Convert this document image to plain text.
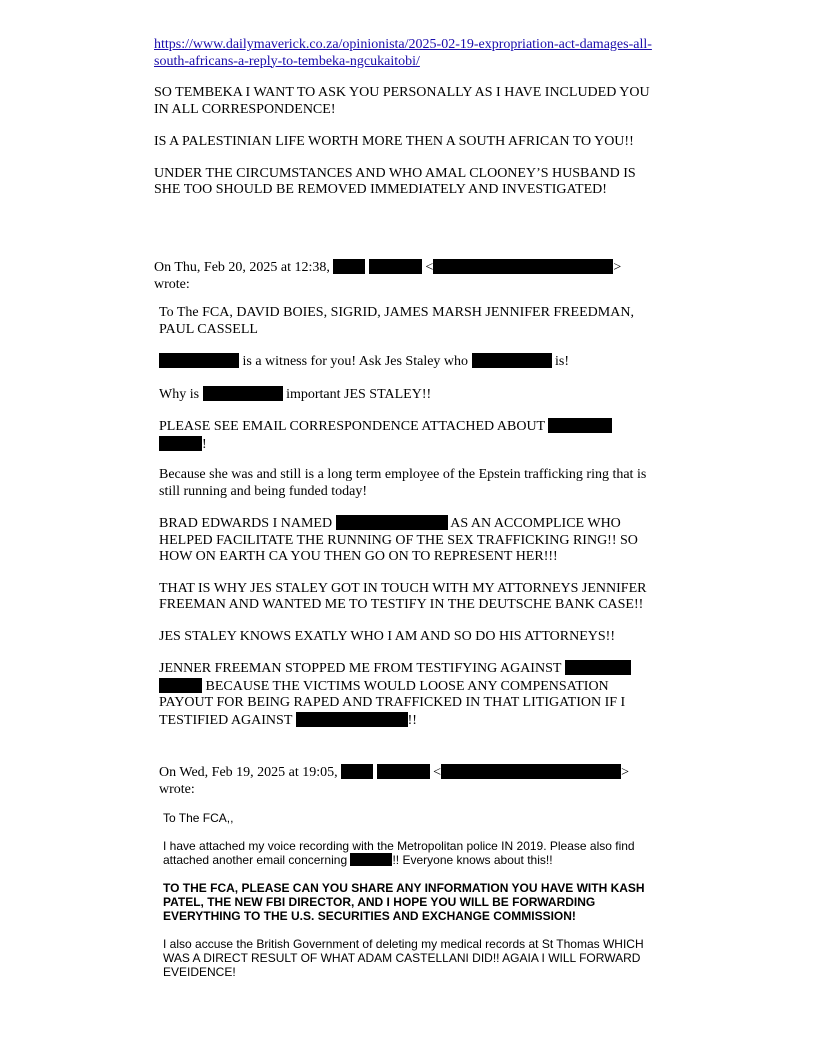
https://www.dailymaverick.co.za/opinionista/2025-02-19-expropriation-act-damages-all-south-africans-a-reply-to-tembeka-ngcukaitobi/

SO TEMBEKA I WANT TO ASK YOU PERSONALLY AS I HAVE INCLUDED YOU IN ALL CORRESPONDENCE!

IS A PALESTINIAN LIFE WORTH MORE THEN A SOUTH AFRICAN TO YOU!!

UNDER THE CIRCUMSTANCES AND WHO AMAL CLOONEY’S HUSBAND IS SHE TOO SHOULD BE REMOVED IMMEDIATELY AND INVESTIGATED!

On Thu, Feb 20, 2025 at 12:38,	<	>
wrote:

To The FCA, DAVID BOIES, SIGRID, JAMES MARSH JENNIFER FREEDMAN, PAUL CASSELL

is a witness for you! Ask Jes Staley who	is!

Why is	important JES STALEY!!

PLEASE SEE EMAIL CORRESPONDENCE ATTACHED ABOUT
!

Because she was and still is a long term employee of the Epstein trafficking ring that is still running and being funded today!

BRAD EDWARDS I NAMED	AS AN ACCOMPLICE WHO HELPED FACILITATE THE RUNNING OF THE SEX TRAFFICKING RING!! SO HOW ON EARTH CA YOU THEN GO ON TO REPRESENT HER!!!

THAT IS WHY JES STALEY GOT IN TOUCH WITH MY ATTORNEYS JENNIFER FREEMAN AND WANTED ME TO TESTIFY IN THE DEUTSCHE BANK CASE!!

JES STALEY KNOWS EXATLY WHO I AM AND SO DO HIS ATTORNEYS!!

JENNER FREEMAN STOPPED ME FROM TESTIFYING AGAINST
BECAUSE THE VICTIMS WOULD LOOSE ANY COMPENSATION PAYOUT FOR BEING RAPED AND TRAFFICKED IN THAT LITIGATION IF I TESTIFIED AGAINST	!!

On Wed, Feb 19, 2025 at 19:05,	<	>
wrote:

To The FCA,,

I have attached my voice recording with the Metropolitan police IN 2019. Please also find attached another email concerning	!! Everyone knows about this!!

TO THE FCA, PLEASE CAN YOU SHARE ANY INFORMATION YOU HAVE WITH KASH PATEL, THE NEW FBI DIRECTOR, AND I HOPE YOU WILL BE FORWARDING EVERYTHING TO THE U.S. SECURITIES AND EXCHANGE COMMISSION!

I also accuse the British Government of deleting my medical records at St Thomas WHICH WAS A DIRECT RESULT OF WHAT ADAM CASTELLANI DID!! AGAIA I WILL FORWARD EVEIDENCE!
